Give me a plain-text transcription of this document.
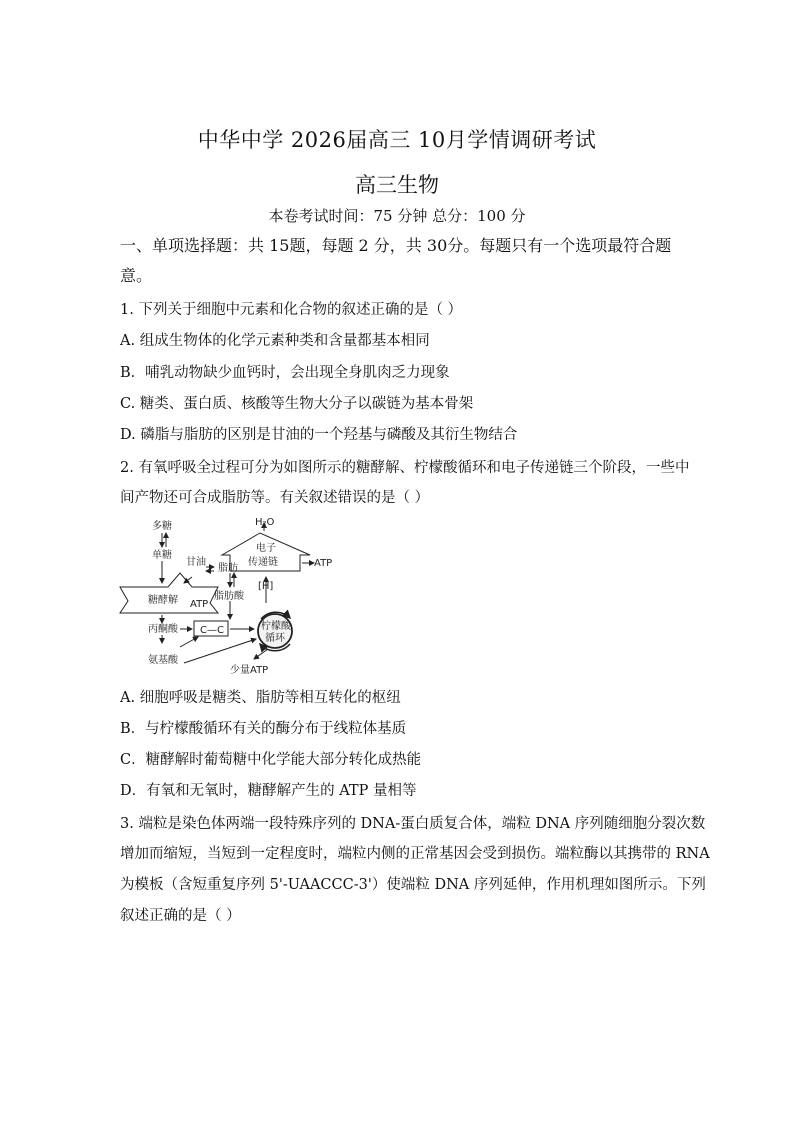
中华中学 2026届高三 10月学情调研考试
高三生物
本卷考试时间：75 分钟 总分：100 分
一、单项选择题：共 15题，每题 2 分，共 30分。每题只有一个选项最符合题
意。
1. 下列关于细胞中元素和化合物的叙述正确的是（ ）
A. 组成生物体的化学元素种类和含量都基本相同
B．哺乳动物缺少血钙时，会出现全身肌肉乏力现象
C. 糖类、蛋白质、核酸等生物大分子以碳链为基本骨架
D. 磷脂与脂肪的区别是甘油的一个羟基与磷酸及其衍生物结合
2. 有氧呼吸全过程可分为如图所示的糖酵解、柠檬酸循环和电子传递链三个阶段，一些中
间产物还可合成脂肪等。有关叙述错误的是（ ）
多糖
单糖
甘油
脂肪
脂肪酸
糖酵解 ATP
丙酮酸 C—C
氨基酸
H₂O
电子
传递链	ATP
[H]
柠檬酸
循环
少量ATP
A. 细胞呼吸是糖类、脂肪等相互转化的枢纽
B．与柠檬酸循环有关的酶分布于线粒体基质
C．糖酵解时葡萄糖中化学能大部分转化成热能
D．有氧和无氧时，糖酵解产生的 ATP 量相等
3. 端粒是染色体两端一段特殊序列的 DNA-蛋白质复合体，端粒 DNA 序列随细胞分裂次数
增加而缩短，当短到一定程度时，端粒内侧的正常基因会受到损伤。端粒酶以其携带的 RNA
为模板（含短重复序列 5'-UAACCC-3'）使端粒 DNA 序列延伸，作用机理如图所示。下列
叙述正确的是（ ）
